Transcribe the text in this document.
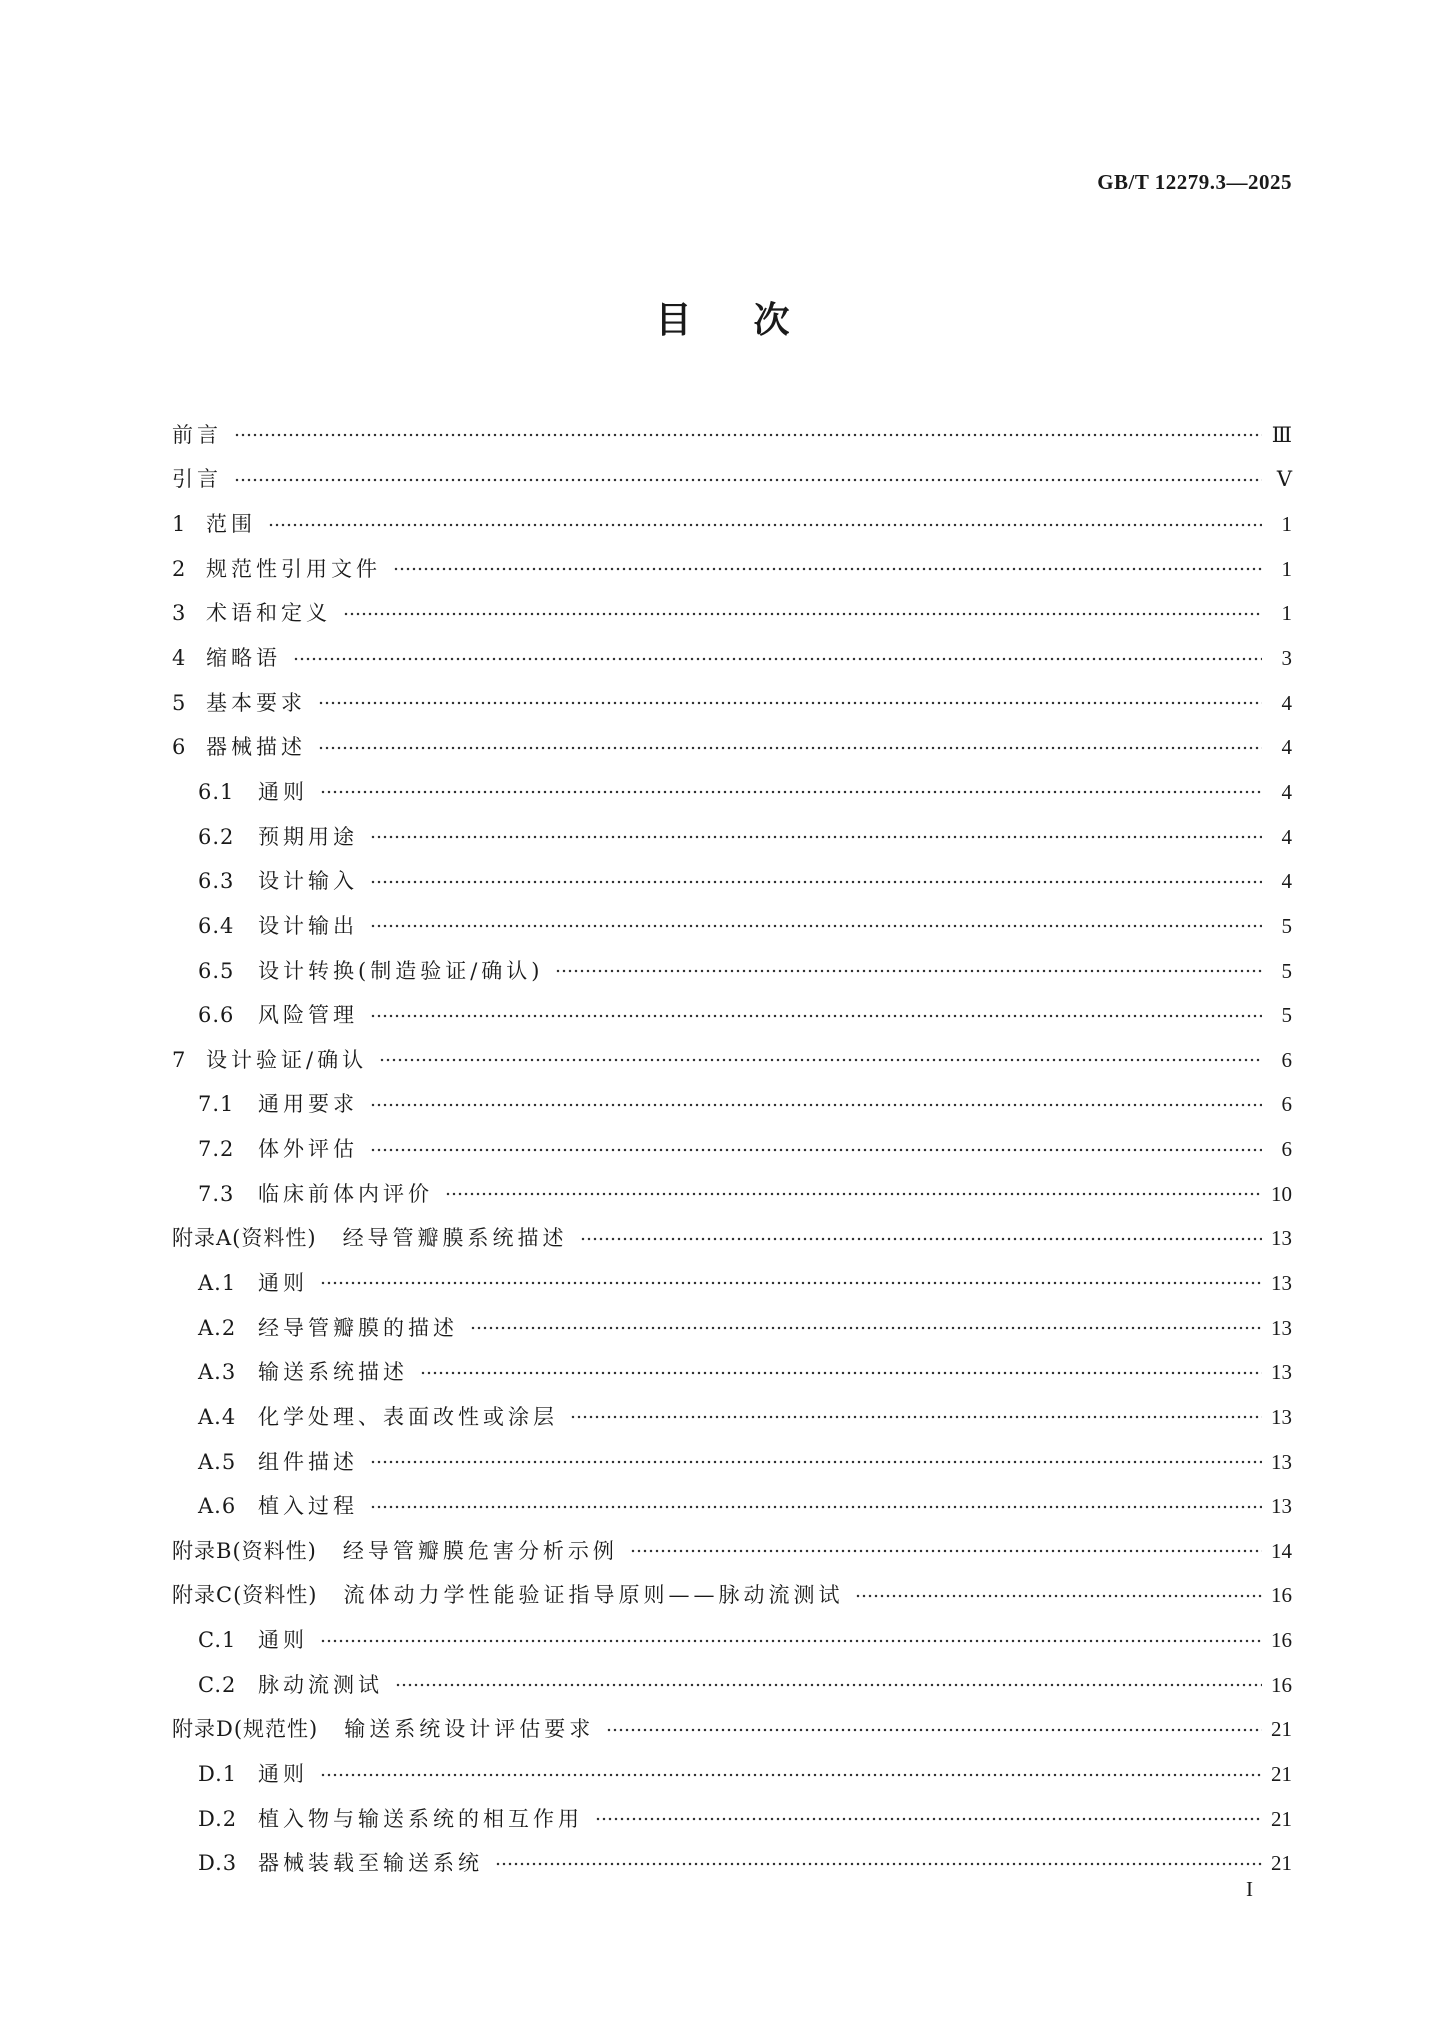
GB/T 12279.3—2025
目次
前言	Ⅲ
引言	Ⅴ
1 范围	1
2 规范性引用文件	1
3 术语和定义	1
4 缩略语	3
5 基本要求	4
6 器械描述	4
6.1	通则	4
6.2	预期用途	4
6.3	设计输入	4
6.4	设计输出	5
6.5	设计转换(制造验证/确认)	5
6.6	风险管理	5
7 设计验证/确认	6
7.1	通用要求	6
7.2	体外评估	6
7.3	临床前体内评价	10
附录A (资料性) 经导管瓣膜系统描述	13
A.1	通则	13
A.2	经导管瓣膜的描述	13
A.3	输送系统描述	13
A.4	化学处理、表面改性或涂层	13
A.5	组件描述	13
A.6	植入过程	13
附录B (资料性) 经导管瓣膜危害分析示例	14
附录C (资料性) 流体动力学性能验证指导原则——脉动流测试	16
C.1	通则	16
C.2	脉动流测试	16
附录D (规范性) 输送系统设计评估要求	21
D.1 通则	21
D.2 植入物与输送系统的相互作用	21
D.3 器械装载至输送系统	21
I
